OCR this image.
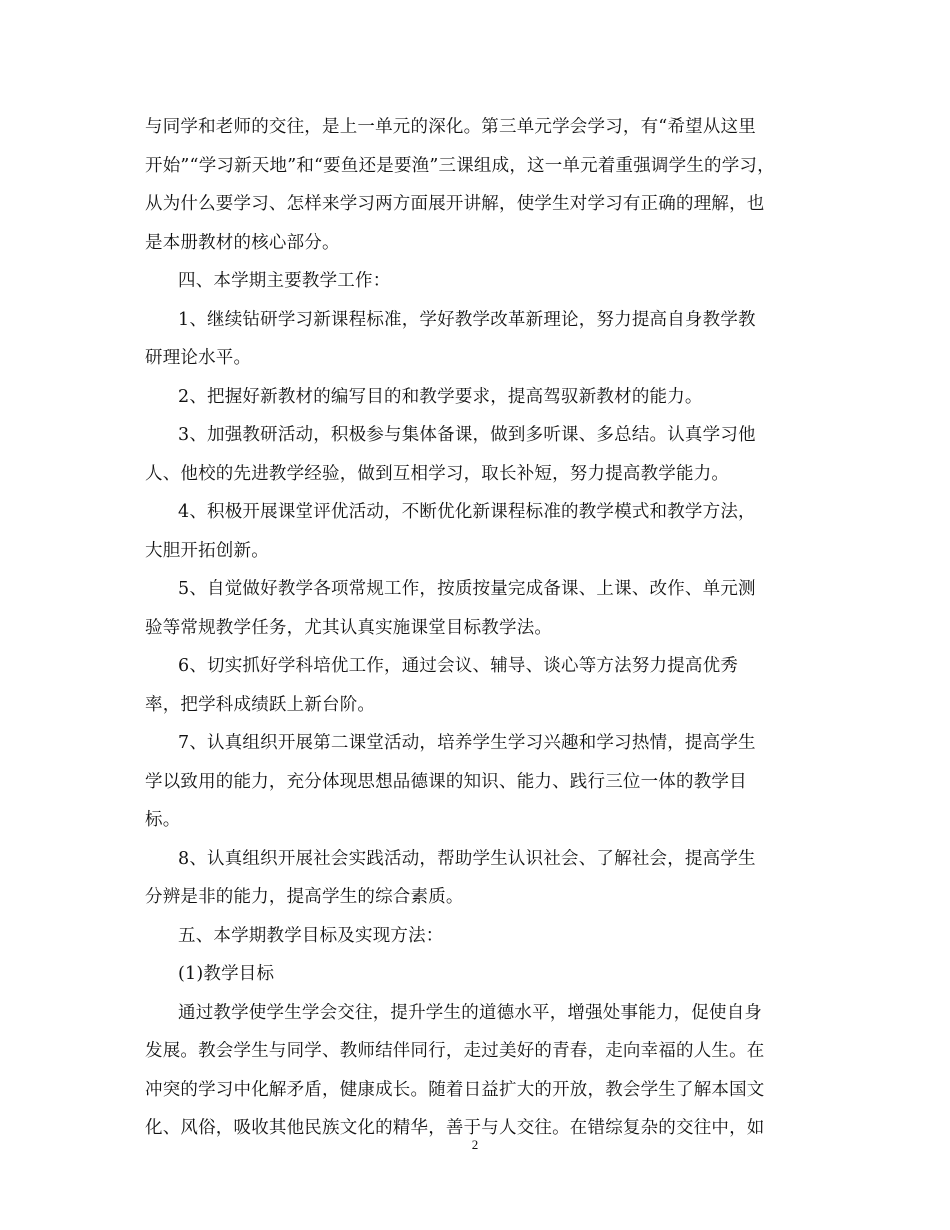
与同学和老师的交往，是上一单元的深化。第三单元学会学习，有“希望从这里
开始”“学习新天地”和“要鱼还是要渔”三课组成，这一单元着重强调学生的学习，
从为什么要学习、怎样来学习两方面展开讲解，使学生对学习有正确的理解，也
是本册教材的核心部分。
四、本学期主要教学工作：
1、继续钻研学习新课程标准，学好教学改革新理论，努力提高自身教学教
研理论水平。
2、把握好新教材的编写目的和教学要求，提高驾驭新教材的能力。
3、加强教研活动，积极参与集体备课，做到多听课、多总结。认真学习他
人、他校的先进教学经验，做到互相学习，取长补短，努力提高教学能力。
4、积极开展课堂评优活动，不断优化新课程标准的教学模式和教学方法，
大胆开拓创新。
5、自觉做好教学各项常规工作，按质按量完成备课、上课、改作、单元测
验等常规教学任务，尤其认真实施课堂目标教学法。
6、切实抓好学科培优工作，通过会议、辅导、谈心等方法努力提高优秀
率，把学科成绩跃上新台阶。
7、认真组织开展第二课堂活动，培养学生学习兴趣和学习热情，提高学生
学以致用的能力，充分体现思想品德课的知识、能力、践行三位一体的教学目
标。
8、认真组织开展社会实践活动，帮助学生认识社会、了解社会，提高学生
分辨是非的能力，提高学生的综合素质。
五、本学期教学目标及实现方法：
(1)教学目标
通过教学使学生学会交往，提升学生的道德水平，增强处事能力，促使自身
发展。教会学生与同学、教师结伴同行，走过美好的青春，走向幸福的人生。在
冲突的学习中化解矛盾，健康成长。随着日益扩大的开放，教会学生了解本国文
化、风俗，吸收其他民族文化的精华，善于与人交往。在错综复杂的交往中，如
2
